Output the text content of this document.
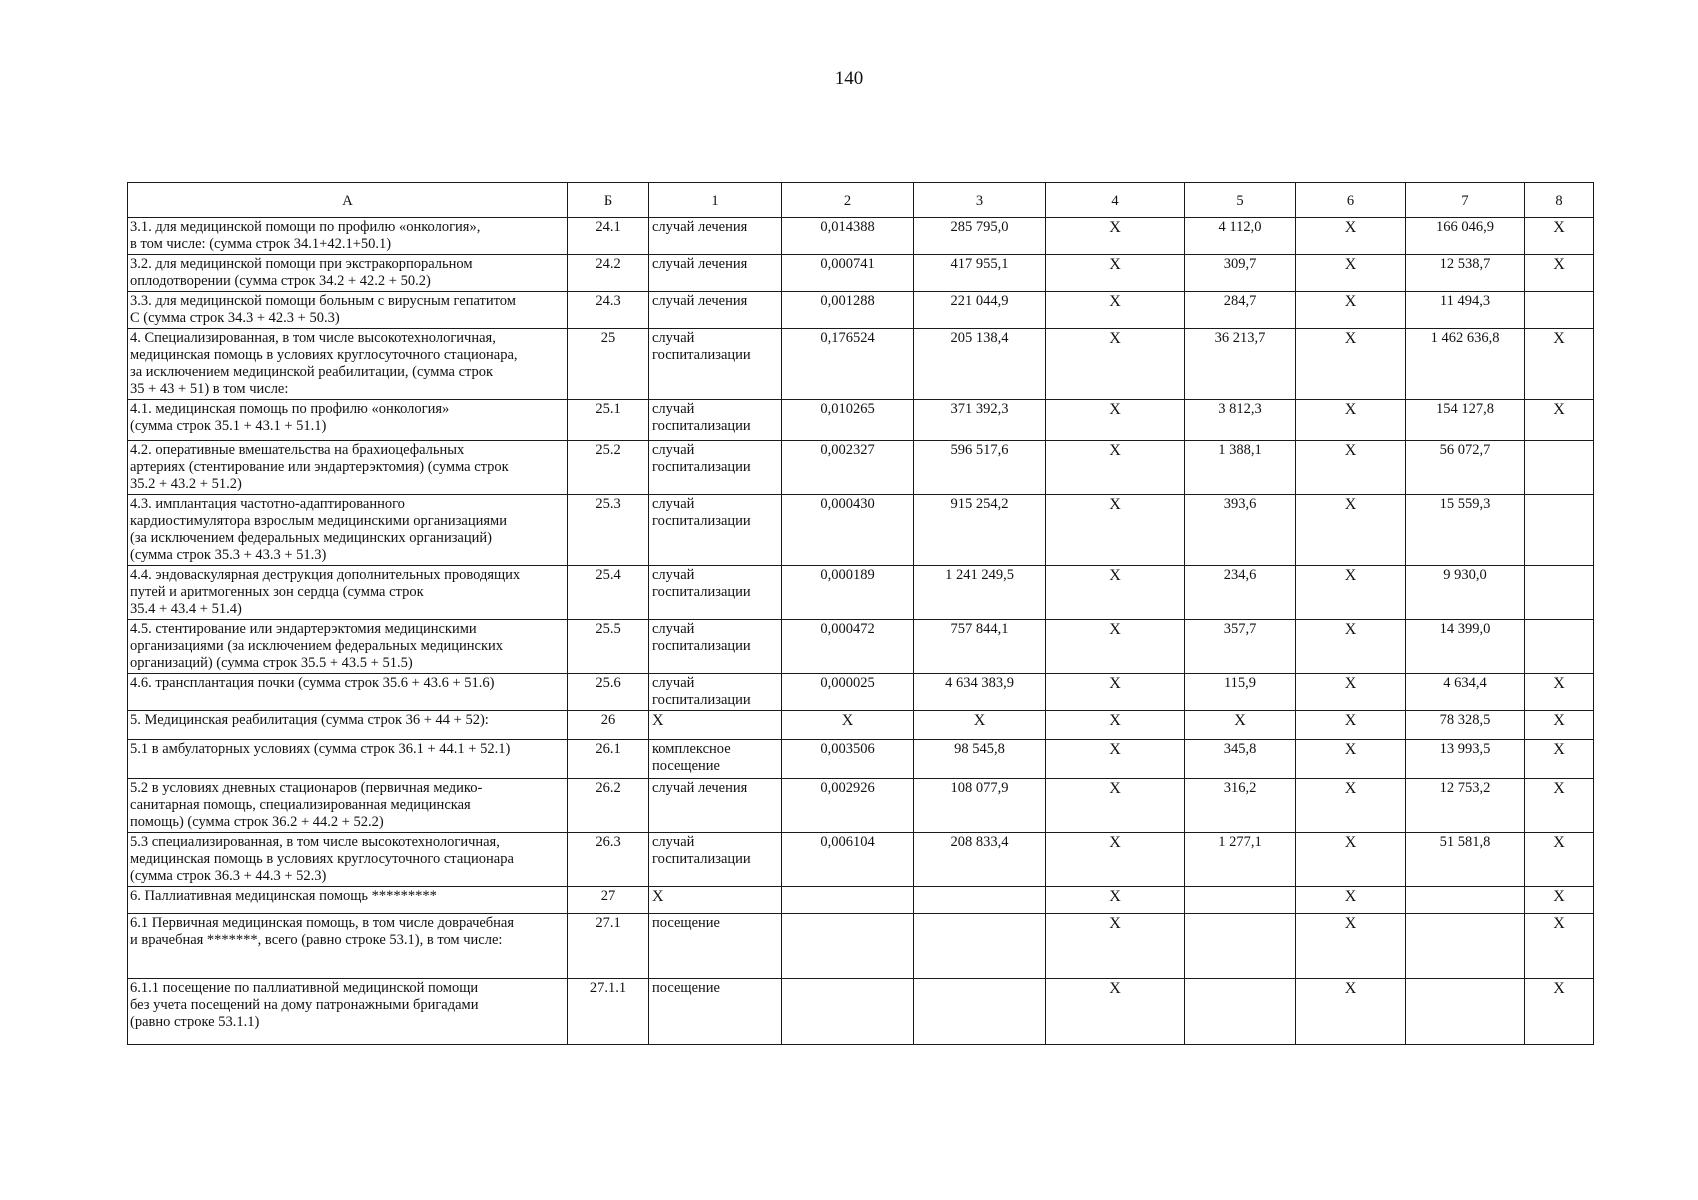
140
А	Б	1	2	3	4	5	6	7	8
3.1. для медицинской помощи по профилю «онкология»,
в том числе: (сумма строк 34.1+42.1+50.1)	24.1	случай лечения	0,014388	285 795,0	X	4 112,0	X	166 046,9	X
3.2. для медицинской помощи при экстракорпоральном
оплодотворении (сумма строк 34.2 + 42.2 + 50.2)	24.2	случай лечения	0,000741	417 955,1	X	309,7	X	12 538,7	X
3.3. для медицинской помощи больным с вирусным гепатитом
С (сумма строк 34.3 + 42.3 + 50.3)	24.3	случай лечения	0,001288	221 044,9	X	284,7	X	11 494,3	
4. Специализированная, в том числе высокотехнологичная,
медицинская помощь в условиях круглосуточного стационара,
за исключением медицинской реабилитации, (сумма строк
35 + 43 + 51) в том числе:	25	случай
госпитализации	0,176524	205 138,4	X	36 213,7	X	1 462 636,8	X
4.1. медицинская помощь по профилю «онкология»
(сумма строк 35.1 + 43.1 + 51.1)	25.1	случай
госпитализации	0,010265	371 392,3	X	3 812,3	X	154 127,8	X
4.2. оперативные вмешательства на брахиоцефальных
артериях (стентирование или эндартерэктомия) (сумма строк
35.2 + 43.2 + 51.2)	25.2	случай
госпитализации	0,002327	596 517,6	X	1 388,1	X	56 072,7	
4.3. имплантация частотно-адаптированного
кардиостимулятора взрослым медицинскими организациями
(за исключением федеральных медицинских организаций)
(сумма строк 35.3 + 43.3 + 51.3)	25.3	случай
госпитализации	0,000430	915 254,2	X	393,6	X	15 559,3	
4.4. эндоваскулярная деструкция дополнительных проводящих
путей и аритмогенных зон сердца (сумма строк
35.4 + 43.4 + 51.4)	25.4	случай
госпитализации	0,000189	1 241 249,5	X	234,6	X	9 930,0	
4.5. стентирование или эндартерэктомия медицинскими
организациями (за исключением федеральных медицинских
организаций) (сумма строк 35.5 + 43.5 + 51.5)	25.5	случай
госпитализации	0,000472	757 844,1	X	357,7	X	14 399,0	
4.6. трансплантация почки (сумма строк 35.6 + 43.6 + 51.6)	25.6	случай
госпитализации	0,000025	4 634 383,9	X	115,9	X	4 634,4	X
5. Медицинская реабилитация (сумма строк 36 + 44 + 52):	26	X	X	X	X	X	X	78 328,5	X
5.1 в амбулаторных условиях (сумма строк 36.1 + 44.1 + 52.1)	26.1	комплексное
посещение	0,003506	98 545,8	X	345,8	X	13 993,5	X
5.2 в условиях дневных стационаров (первичная медико-
санитарная помощь, специализированная медицинская
помощь) (сумма строк 36.2 + 44.2 + 52.2)	26.2	случай лечения	0,002926	108 077,9	X	316,2	X	12 753,2	X
5.3 специализированная, в том числе высокотехнологичная,
медицинская помощь в условиях круглосуточного стационара
(сумма строк 36.3 + 44.3 + 52.3)	26.3	случай
госпитализации	0,006104	208 833,4	X	1 277,1	X	51 581,8	X
6. Паллиативная медицинская помощь *********	27	X			X		X		X
6.1 Первичная медицинская помощь, в том числе доврачебная
и врачебная *******, всего (равно строке 53.1), в том числе:	27.1	посещение			X		X		X
6.1.1 посещение по паллиативной медицинской помощи
без учета посещений на дому патронажными бригадами
(равно строке 53.1.1)	27.1.1	посещение			X		X		X
